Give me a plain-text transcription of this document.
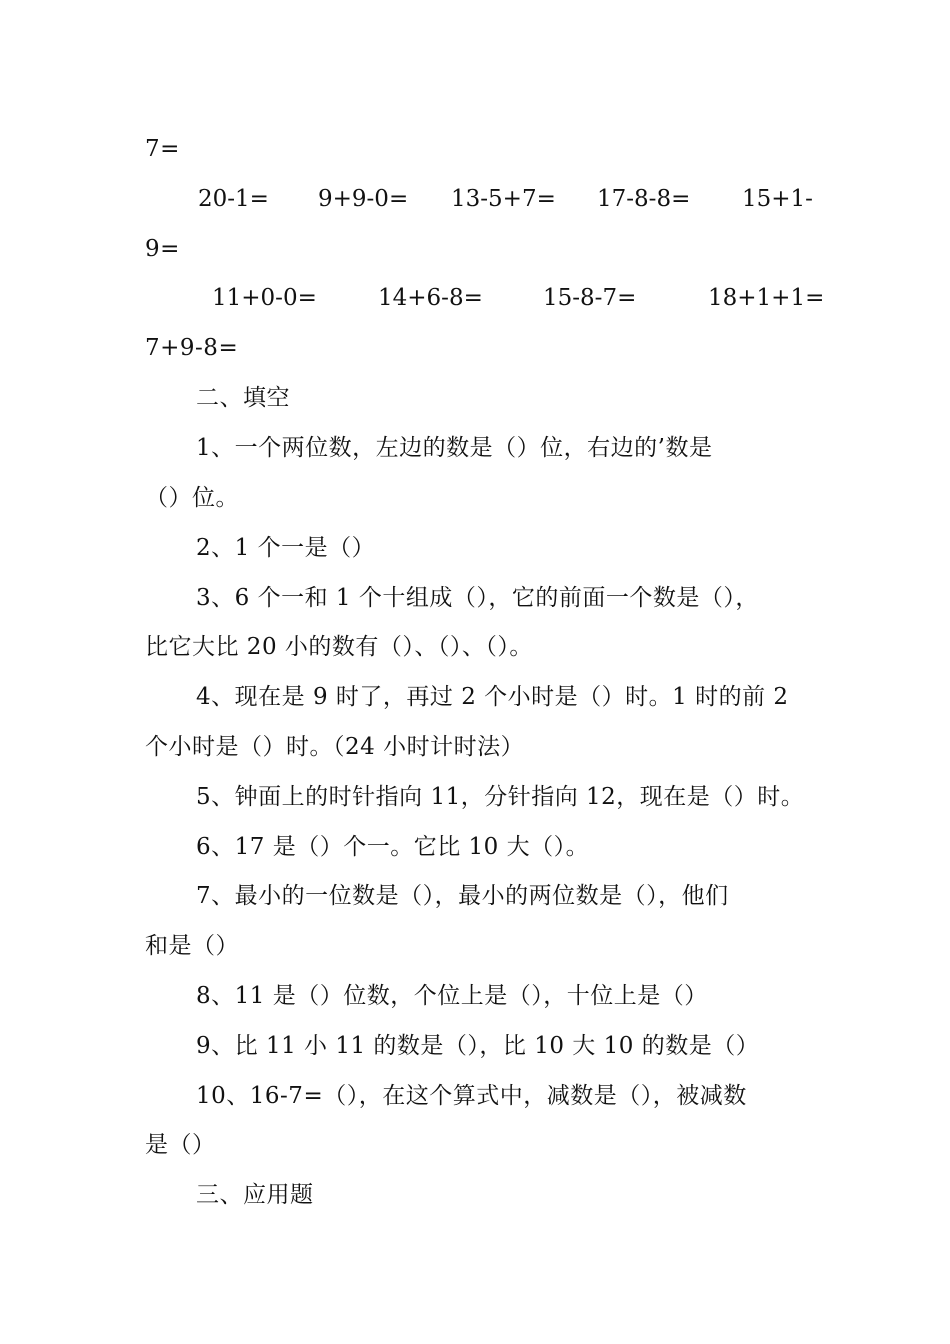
7=
20-1= 9+9-0= 13-5+7= 17-8-8= 15+1-
9=
11+0-0=	14+6-8=	15-8-7=	18+1+1=
7+9-8=
二、填空
1、一个两位数，左边的数是（）位，右边的’数是
（）位。
2、1 个一是（）
3、6 个一和 1 个十组成（），它的前面一个数是（），
比它大比 20 小的数有（）、（）、（）。
4、现在是 9 时了，再过 2 个小时是（）时。1 时的前 2
个小时是（）时。（24 小时计时法）
5、钟面上的时针指向 11，分针指向 12，现在是（）时。
6、17 是（）个一。它比 10 大（）。
7、最小的一位数是（），最小的两位数是（），他们
和是（）
8、11 是（）位数，个位上是（），十位上是（）
9、比 11 小 11 的数是（），比 10 大 10 的数是（）
10、16-7=（），在这个算式中，减数是（），被减数
是（）
三、应用题
